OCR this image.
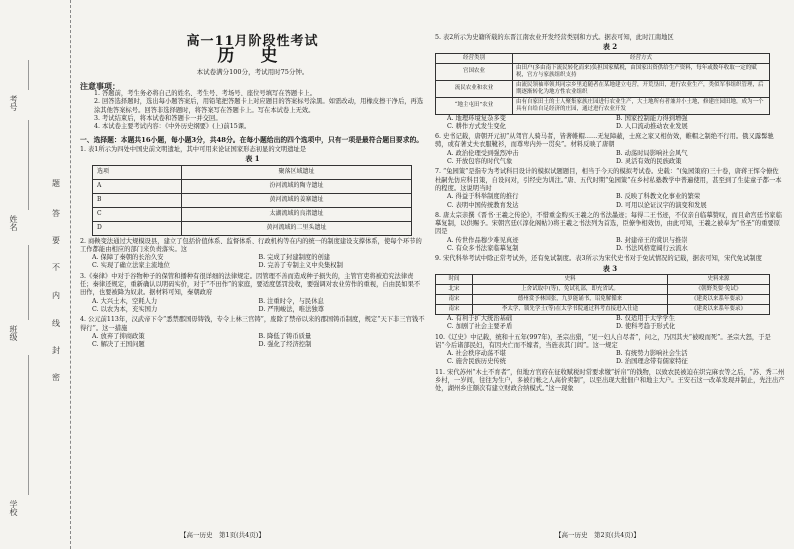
考号
姓名
班级
学校
题
答
要
不
内
线
封
密
高一11月阶段性考试
历 史
本试卷满分100分，考试用时75分钟。
注意事项：

1. 答题前，考生务必将自己的姓名、考生号、考场号、座位号填写在答题卡上。

2. 回答选择题时，选出每小题答案后，用铅笔把答题卡上对应题目的答案标号涂黑。如需改动，用橡皮擦干净后，再选涂其他答案标号。回答非选择题时，将答案写在答题卡上。写在本试卷上无效。

3. 考试结束后，将本试卷和答题卡一并交回。

4. 本试卷主要考试内容：《中外历史纲要》(上)前15课。

一、选择题：本题共16小题，每小题3分，共48分。在每小题给出的四个选项中，只有一项是最符合题目要求的。

1. 表1所示为四处中国史前文明遗址，其中可用来论证国家形态初显的文明遗址是

表 1
选项	聚落区域遗址
A	汾河流域的陶寺遗址
B	黄河流域的姜寨遗址
C	太湖流域的良渚遗址
D	黄河流域的二里头遗址

2. 商鞅变法通过大规模设县，建立了包括价值体系、监督体系、行政机构等在内的统一的制度建设支撑体系，使每个环节的工作都能由相应的部门来负责落实。这

A. 保障了秦朝的长治久安	B. 完成了封建制度的创建
C. 实现了确立法家主流地位	D. 完善了专制主义中央集权制

3.《秦律》中对于谷物种子的保管和播种有很详细的法律规定。因管理不善而造成种子损失的，主管官吏将被追究法律责任；秦律还规定，重新确认以明码实价，对于“不田作”的家庭，要适度惩罚没收，要强调对农业劳作的重视，自由民如果不田作，也要被降为奴隶。据材料可知，秦朝政府

A. 大兴土木，空耗人力	B. 注重时令，与民休息
C. 以农为本，充实国力	D. 严刑峻法，唯法独尊

4. 公元前113年，汉武帝下令“悉禁郡国毋铸钱，专令上林三官铸”，废除了禁帝以来的郡国铸币制度，规定“天下非三官钱不得行”。这一措施

A. 放弃了抑商政策	B. 降低了铸币质量
C. 解决了王国问题	D. 强化了经济控制

5. 表2所示为史籍所载的东晋江南农业开发经营类别和方式。据表可知，此时江南地区

表 2
经营类别	经营方式
官国农业	由田户(多由南下流民转化而来)负担国家赋税，由国家出资供给生产资料，每年或数年收取一定的赋税，官方与家族组织支持
流民农业和农业	由流民领袖率领其同宗乡里追随者在某地建立屯营，开荒垦田，进行农业生产，类似军事组织管理，后期逐渐转化为地方性农业组织
“地主屯田”农业	由有自家田土的士人聚集家族庄园进行农业生产，大土地所有者兼并小土地，修建庄园田地，成为一个具有自给自足经济的庄园，通过进行农业开发
A. 地理环境复杂多变	B. 国家控制能力得到增强
C. 耕作方式发生变化	D. 人口流动推动农业发展

6. 史书记载，唐朝开元初“从驾官人骑马者，皆著帷帽……无复障蔽，士庶之家又相仿效，帷帽之制绝不行用。俄又露髻驰骋，或有著丈夫衣服靴衫，而尊卑内外一贯矣”。材料反映了唐朝

A. 政治伦理受到强烈冲击	B. 动荡时局影响社会风气
C. 开放包容的时代气象	D. 灵活有效的民族政策

7. “兔园策”是指专为考试科目设计的模拟试题题目，相当于今天的模拟考试卷。史载：“(兔园策府)三十卷，唐蒋王恽令僚佐杜嗣先仿应科目策，自设问对，引经史为训注。”唐、五代时期“兔园策”在乡村私塾教学中普遍使用，甚至到了生徒童子都一本的程度。这说明当时

A. 得益于科举制度的推行	B. 反映了科教文化事业的繁荣
C. 表明中国传统教育发达	D. 可用以论证汉字的演变和发展

8. 唐太宗亲撰《晋书·王羲之传论》，不惜重金购买王羲之的书法墨迹；每得二王书迹，不仅亲自临摹赞叹，而且命宫廷书家临摹复制，以供赐予。宋朝宫廷(《淳化阁帖》)将王羲之书法列为首选，臣僚争相效仿，由此可知，王羲之被奉为“书圣”的重要原因是

A. 传世作品穆少难见真迹	B. 封建帝王的赏识与推崇
C. 有众多书法家临摹复制	D. 书法风格宽阔行云流水

9. 宋代科举考试中除正常考试外，还有免试制度。表3所示为宋代史书对于免试情况的记载，据表可知，宋代免试制度

表 3
时间	史料	史料来源
北宋	上舍试取中(等)，免试礼部，即充省试。	《朝野类要·免试》
南宋	德州赏予林国张，九岁能诵书，诏免解循来	《建炎以来系年要录》
南宋	李太学，锁先学士(等)在太学书院通过科考直接进入仕途	《建炎以来系年要录》
A. 有利于扩大统治基础	B. 仅适用于太学学生
C. 加剧了社会主要矛盾	D. 使科考趋于形式化

10.《辽史》中记载，统和十五年(997年)，圣宗出猎，“见一妇人自尽者”，问之，乃因其夫“被殴而死”。圣宗大怒，于是诏“今后诸部民妇，有因夫亡而不嫁者，当旌表其门闾”。这一规定

A. 社会秩序动荡不堪	B. 有统势力影响社会生活
C. 施舍民族历史传统	D. 治国理念带有儒家特征

11. 宋代苏州“木土不育者”，但地方官府在征收赋税时常要求缴“折帛”的钱物，以致农民被迫在织完麻衣等之后，“苏、秀二州乡村，一岁间，往往为生户，多被行帐之人高价卖制”，以至出现大批佃户和地主大户。王安石这一改革发现并制止，先注出产处，湖州乡庄颇次有建立财政合纳模式。”这一现象

【高一历史　第1页(共4页)】	【高一历史　第2页(共4页)】
